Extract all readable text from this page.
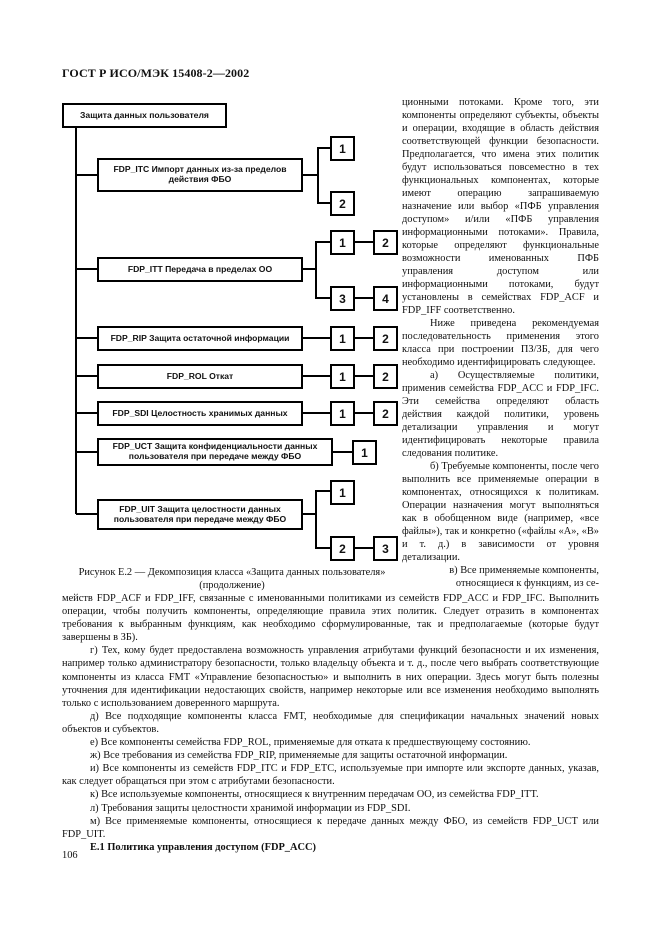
ГОСТ Р ИСО/МЭК 15408-2—2002
Защита данных пользователя
FDP_ITC Импорт данных из-за пределов действия ФБО
FDP_ITT Передача в пределах ОО
FDP_RIP Защита остаточной информации
FDP_ROL Откат
FDP_SDI Целостность хранимых данных
FDP_UCT Защита конфиденциальности данных пользователя при передаче между ФБО
FDP_UIT Защита целостности данных пользователя при передаче между ФБО
1
2
1	2
3	4
1	2
1	2
1	2
1
1
2	3

ционными потоками. Кроме того, эти компоненты определяют субъекты, объекты и операции, входящие в область действия соответствующей функции безопасности. Предполагается, что имена этих политик будут использоваться повсеместно в тех функциональных компонентах, которые имеют операцию запрашиваемую назначение или выбор «ПФБ управления доступом» и/или «ПФБ управления информационными потоками». Правила, которые определяют функциональные возможности именованных ПФБ управления доступом или информационными потоками, будут установлены в семействах FDP_ACF и FDP_IFF соответственно.

Ниже приведена рекомендуемая последовательность применения этого класса при построении ПЗ/ЗБ, для чего необходимо идентифицировать следующее.

а) Осуществляемые политики, применив семейства FDP_ACC и FDP_IFC. Эти семейства определяют область действия каждой политики, уровень детализации управления и могут идентифицировать некоторые правила следования политике.

б) Требуемые компоненты, после чего выполнить все применяемые операции в компонентах, относящихся к политикам. Операции назначения могут выполняться как в обобщенном виде (например, «все файлы»), так и конкретно («файлы «А», «В» и т. д.) в зависимости от уровня детализации.

в) Все применяемые компоненты, относящиеся к функциям, из се-

Рисунок Е.2 — Декомпозиция класса «Защита данных пользователя»
(продолжение)

мейств FDP_ACF и FDP_IFF, связанные с именованными политиками из семейств FDP_ACC и FDP_IFC. Выполнить операции, чтобы получить компоненты, определяющие правила этих политик. Следует отразить в компонентах требования к выбранным функциям, как необходимо сформулированные, так и предполагаемые (которые будут завершены в ЗБ).

г) Тех, кому будет предоставлена возможность управления атрибутами функций безопасности и их изменения, например только администратору безопасности, только владельцу объекта и т. д., после чего выбрать соответствующие компоненты из класса FMT «Управление безопасностью» и выполнить в них операции. Здесь могут быть полезны уточнения для идентификации недостающих свойств, например некоторые или все изменения необходимо выполнять только с использованием доверенного маршрута.

д) Все подходящие компоненты класса FMT, необходимые для спецификации начальных значений новых объектов и субъектов.

е) Все компоненты семейства FDP_ROL, применяемые для отката к предшествующему состоянию.

ж) Все требования из семейства FDP_RIP, применяемые для защиты остаточной информации.

и) Все компоненты из семейств FDP_ITC и FDP_ETC, используемые при импорте или экспорте данных, указав, как следует обращаться при этом с атрибутами безопасности.

к) Все используемые компоненты, относящиеся к внутренним передачам ОО, из семейства FDP_ITT.

л) Требования защиты целостности хранимой информации из FDP_SDI.

м) Все применяемые компоненты, относящиеся к передаче данных между ФБО, из семейств FDP_UCT или FDP_UIT.

Е.1 Политика управления доступом (FDP_ACC)

106
